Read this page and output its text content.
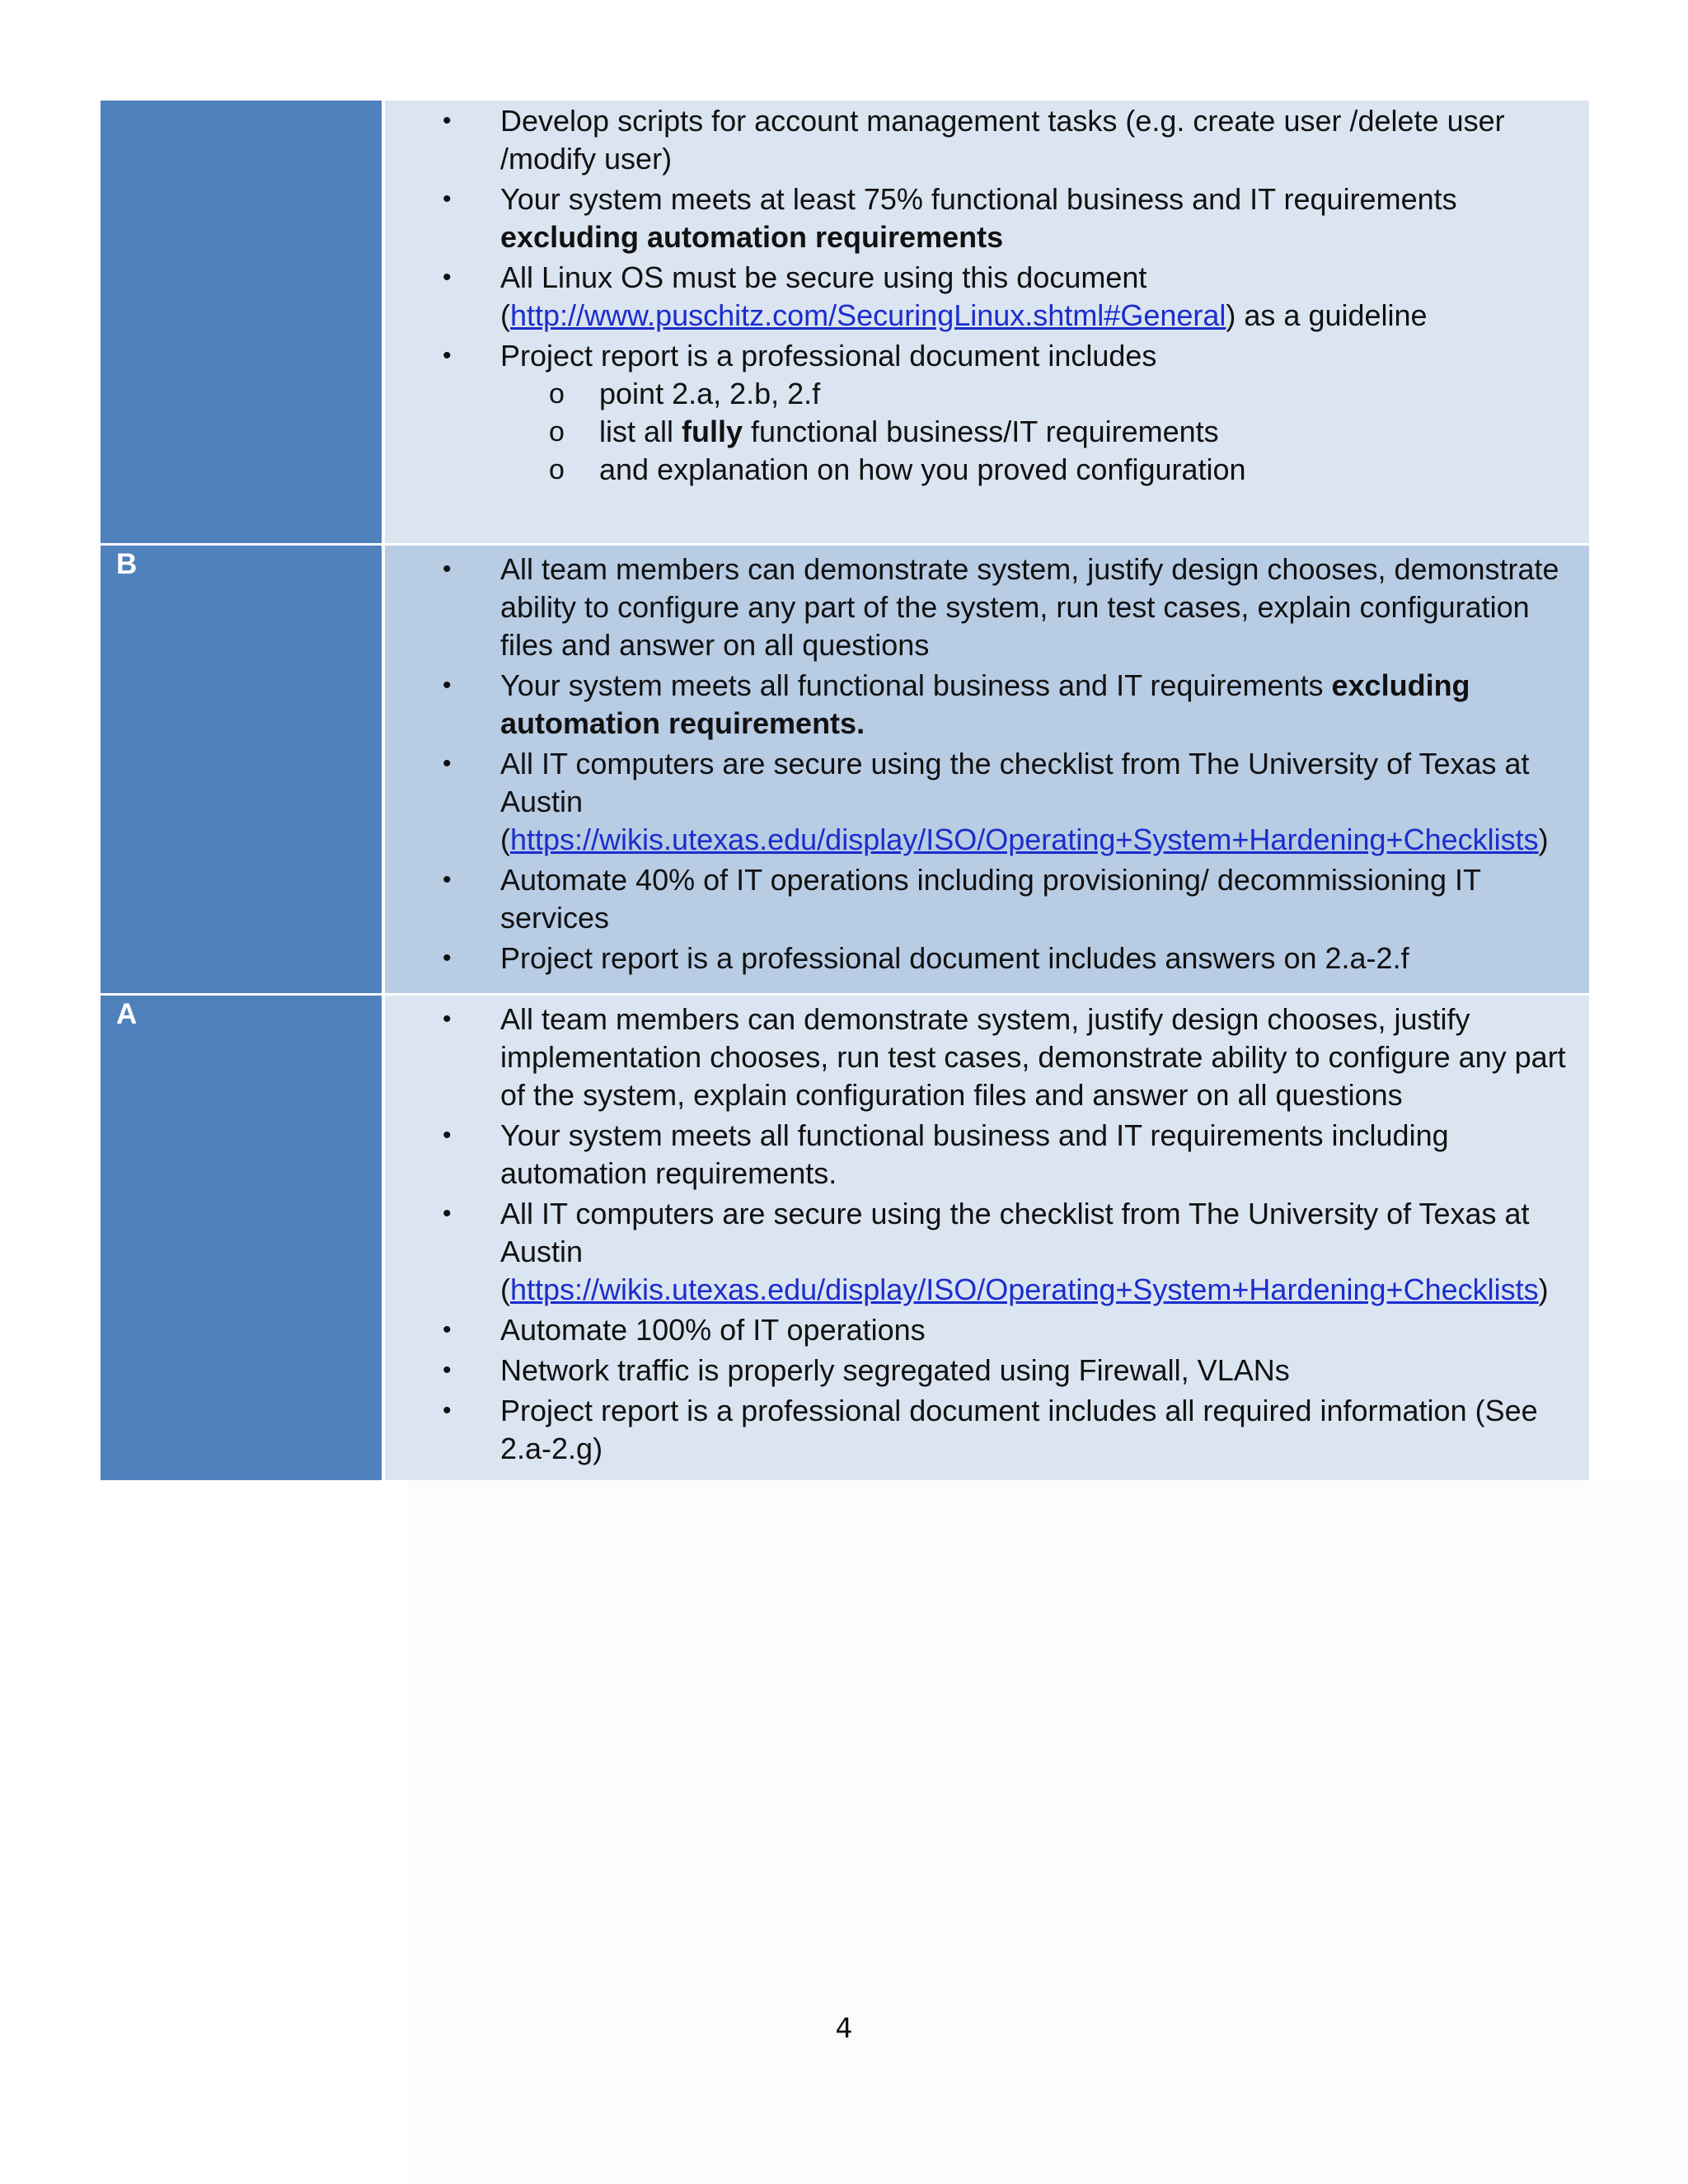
• Develop scripts for account management tasks (e.g. create user /delete user /modify user)
• Your system meets at least 75% functional business and IT requirements excluding automation requirements
• All Linux OS must be secure using this document (http://www.puschitz.com/SecuringLinux.shtml#General) as a guideline
• Project report is a professional document includes
o point 2.a, 2.b, 2.f
o list all fully functional business/IT requirements
o and explanation on how you proved configuration
B	• All team members can demonstrate system, justify design chooses, demonstrate ability to configure any part of the system, run test cases, explain configuration files and answer on all questions
• Your system meets all functional business and IT requirements excluding automation requirements.
• All IT computers are secure using the checklist from The University of Texas at Austin (https://wikis.utexas.edu/display/ISO/Operating+System+Hardening+Checklists)
• Automate 40% of IT operations including provisioning/ decommissioning IT services
• Project report is a professional document includes answers on 2.a-2.f
A	• All team members can demonstrate system, justify design chooses, justify implementation chooses, run test cases, demonstrate ability to configure any part of the system, explain configuration files and answer on all questions
• Your system meets all functional business and IT requirements including automation requirements.
• All IT computers are secure using the checklist from The University of Texas at Austin (https://wikis.utexas.edu/display/ISO/Operating+System+Hardening+Checklists)
• Automate 100% of IT operations
• Network traffic is properly segregated using Firewall, VLANs
• Project report is a professional document includes all required information (See 2.a-2.g)
4
